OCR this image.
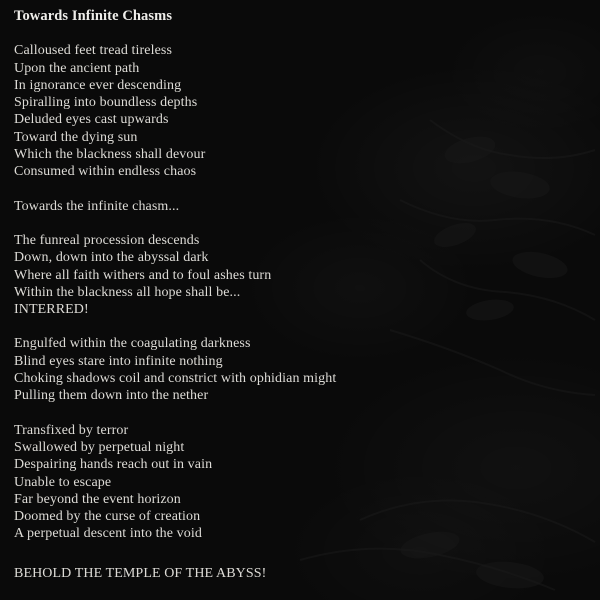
Towards Infinite Chasms
Calloused feet tread tireless
Upon the ancient path
In ignorance ever descending
Spiralling into boundless depths
Deluded eyes cast upwards
Toward the dying sun
Which the blackness shall devour
Consumed within endless chaos
Towards the infinite chasm...
The funreal procession descends
Down, down into the abyssal dark
Where all faith withers and to foul ashes turn
Within the blackness all hope shall be...
INTERRED!
Engulfed within the coagulating darkness
Blind eyes stare into infinite nothing
Choking shadows coil and constrict with ophidian might
Pulling them down into the nether
Transfixed by terror
Swallowed by perpetual night
Despairing hands reach out in vain
Unable to escape
Far beyond the event horizon
Doomed by the curse of creation
A perpetual descent into the void
BEHOLD THE TEMPLE OF THE ABYSS!
